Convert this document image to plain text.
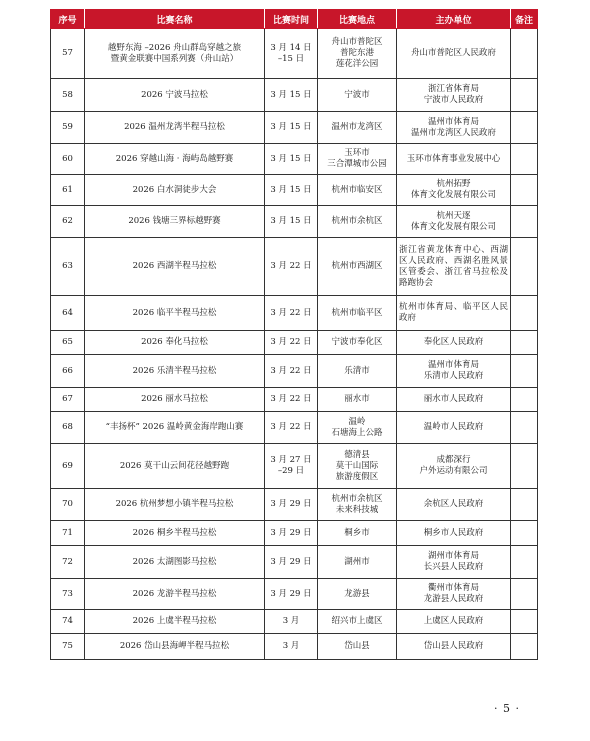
序号	比赛名称	比赛时间	比赛地点	主办单位	备注
57	越野东海 –2026 舟山群岛穿越之旅
暨黄金联赛中国系列赛（舟山站）	3 月 14 日
–15 日	舟山市普陀区
普陀东港
莲花洋公园	舟山市普陀区人民政府	

58	2026 宁波马拉松	3 月 15 日	宁波市	浙江省体育局
宁波市人民政府	

59	2026 温州龙湾半程马拉松	3 月 15 日	温州市龙湾区	温州市体育局
温州市龙湾区人民政府	

60	2026 穿越山海 · 海屿岛越野赛	3 月 15 日	玉环市
三合潭城市公园	玉环市体育事业发展中心	

61	2026 白水洞徒步大会	3 月 15 日	杭州市临安区	杭州拓野
体育文化发展有限公司	

62	2026 钱塘三界标越野赛	3 月 15 日	杭州市余杭区	杭州天逐
体育文化发展有限公司	

63	2026 西湖半程马拉松	3 月 22 日	杭州市西湖区	浙江省黄龙体育中心、西湖区人民政府、西湖名胜风景区管委会、浙江省马拉松及路跑协会	

64	2026 临平半程马拉松	3 月 22 日	杭州市临平区	杭州市体育局、临平区人民政府	

65	2026 奉化马拉松	3 月 22 日	宁波市奉化区	奉化区人民政府	

66	2026 乐清半程马拉松	3 月 22 日	乐清市	温州市体育局
乐清市人民政府	

67	2026 丽水马拉松	3 月 22 日	丽水市	丽水市人民政府	

68	“丰扬杯” 2026 温岭黄金海岸跑山赛	3 月 22 日	温岭
石塘海上公路	温岭市人民政府	

69	2026 莫干山云间花径越野跑	3 月 27 日
–29 日	德清县
莫干山国际
旅游度假区	成都深行
户外运动有限公司	

70	2026 杭州梦想小镇半程马拉松	3 月 29 日	杭州市余杭区
未来科技城	余杭区人民政府	

71	2026 桐乡半程马拉松	3 月 29 日	桐乡市	桐乡市人民政府	

72	2026 太湖图影马拉松	3 月 29 日	湖州市	湖州市体育局
长兴县人民政府	

73	2026 龙游半程马拉松	3 月 29 日	龙游县	衢州市体育局
龙游县人民政府	

74	2026 上虞半程马拉松	3 月	绍兴市上虞区	上虞区人民政府	

75	2026 岱山县海岬半程马拉松	3 月	岱山县	岱山县人民政府	

· 5 ·
